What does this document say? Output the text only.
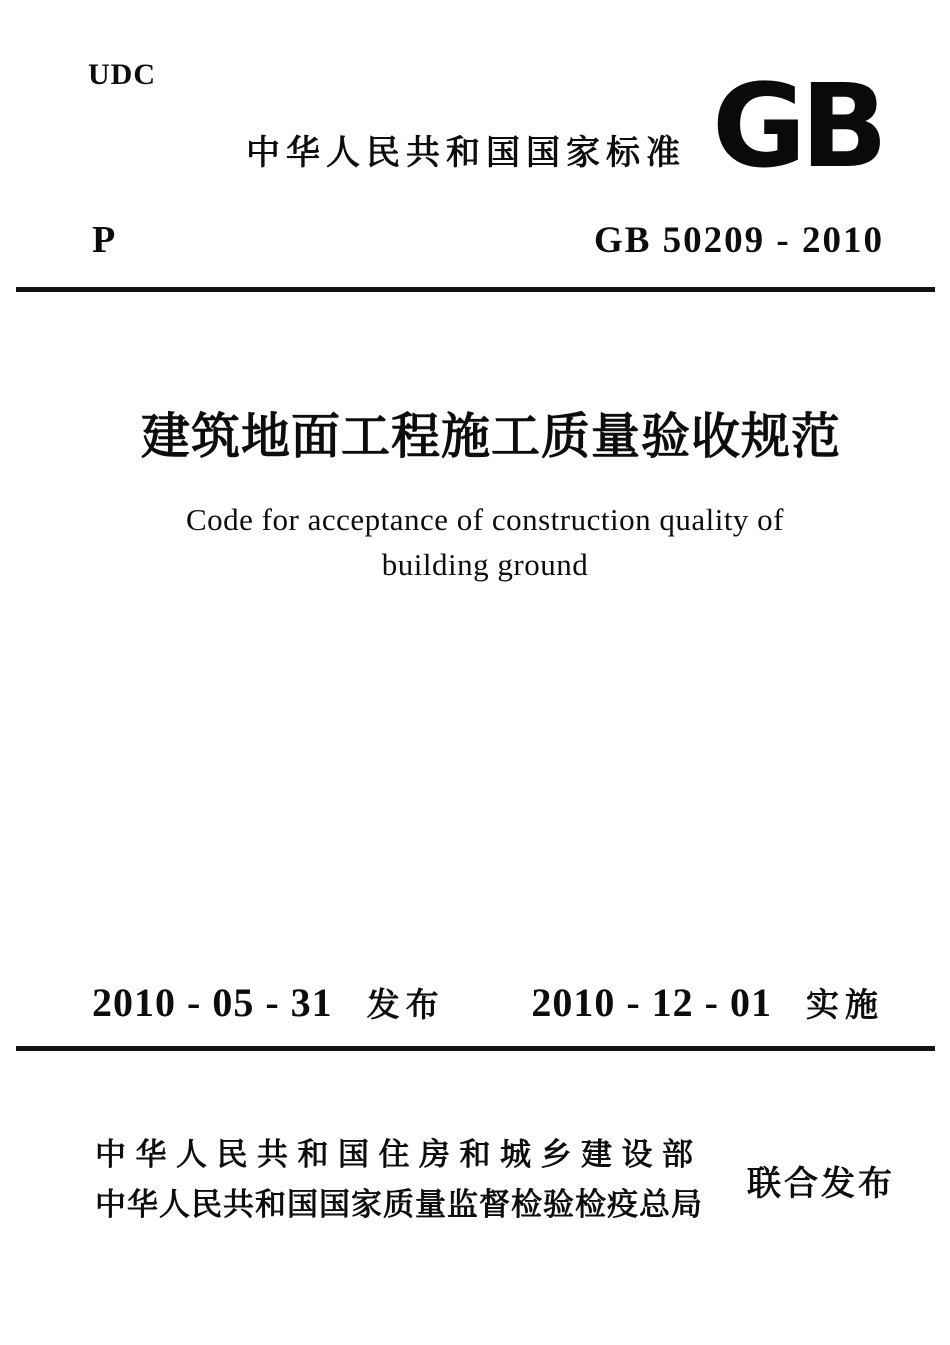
UDC	GB
中华人民共和国国家标准
P	GB 50209 - 2010
建筑地面工程施工质量验收规范
Code for acceptance of construction quality of
building ground
2010 - 05 - 31 发布 2010 - 12 - 01 实施
中华人民共和国住房和城乡建设部
中华人民共和国国家质量监督检验检疫总局
联合发布
